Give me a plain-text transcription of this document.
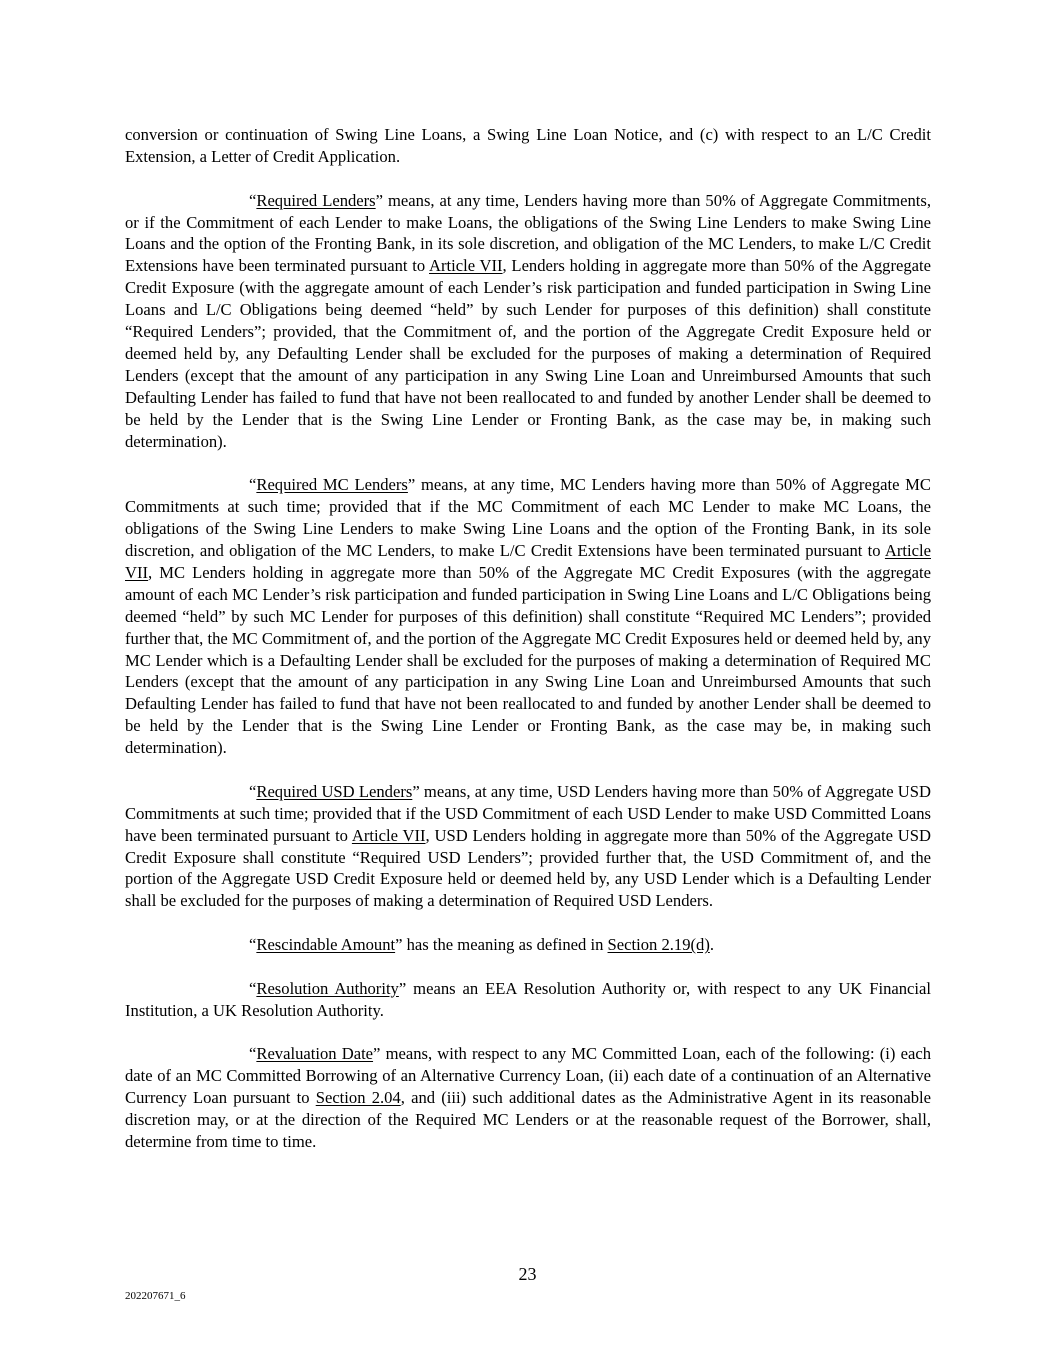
conversion or continuation of Swing Line Loans, a Swing Line Loan Notice, and (c) with respect to an L/C Credit Extension, a Letter of Credit Application.

“Required Lenders” means, at any time, Lenders having more than 50% of Aggregate Commitments, or if the Commitment of each Lender to make Loans, the obligations of the Swing Line Lenders to make Swing Line Loans and the option of the Fronting Bank, in its sole discretion, and obligation of the MC Lenders, to make L/C Credit Extensions have been terminated pursuant to Article VII, Lenders holding in aggregate more than 50% of the Aggregate Credit Exposure (with the aggregate amount of each Lender’s risk participation and funded participation in Swing Line Loans and L/C Obligations being deemed “held” by such Lender for purposes of this definition) shall constitute “Required Lenders”; provided, that the Commitment of, and the portion of the Aggregate Credit Exposure held or deemed held by, any Defaulting Lender shall be excluded for the purposes of making a determination of Required Lenders (except that the amount of any participation in any Swing Line Loan and Unreimbursed Amounts that such Defaulting Lender has failed to fund that have not been reallocated to and funded by another Lender shall be deemed to be held by the Lender that is the Swing Line Lender or Fronting Bank, as the case may be, in making such determination).

“Required MC Lenders” means, at any time, MC Lenders having more than 50% of Aggregate MC Commitments at such time; provided that if the MC Commitment of each MC Lender to make MC Loans, the obligations of the Swing Line Lenders to make Swing Line Loans and the option of the Fronting Bank, in its sole discretion, and obligation of the MC Lenders, to make L/C Credit Extensions have been terminated pursuant to Article VII, MC Lenders holding in aggregate more than 50% of the Aggregate MC Credit Exposures (with the aggregate amount of each MC Lender’s risk participation and funded participation in Swing Line Loans and L/C Obligations being deemed “held” by such MC Lender for purposes of this definition) shall constitute “Required MC Lenders”; provided further that, the MC Commitment of, and the portion of the Aggregate MC Credit Exposures held or deemed held by, any MC Lender which is a Defaulting Lender shall be excluded for the purposes of making a determination of Required MC Lenders (except that the amount of any participation in any Swing Line Loan and Unreimbursed Amounts that such Defaulting Lender has failed to fund that have not been reallocated to and funded by another Lender shall be deemed to be held by the Lender that is the Swing Line Lender or Fronting Bank, as the case may be, in making such determination).

“Required USD Lenders” means, at any time, USD Lenders having more than 50% of Aggregate USD Commitments at such time; provided that if the USD Commitment of each USD Lender to make USD Committed Loans have been terminated pursuant to Article VII, USD Lenders holding in aggregate more than 50% of the Aggregate USD Credit Exposure shall constitute “Required USD Lenders”; provided further that, the USD Commitment of, and the portion of the Aggregate USD Credit Exposure held or deemed held by, any USD Lender which is a Defaulting Lender shall be excluded for the purposes of making a determination of Required USD Lenders.

“Rescindable Amount” has the meaning as defined in Section 2.19(d).

“Resolution Authority” means an EEA Resolution Authority or, with respect to any UK Financial Institution, a UK Resolution Authority.

“Revaluation Date” means, with respect to any MC Committed Loan, each of the following: (i) each date of an MC Committed Borrowing of an Alternative Currency Loan, (ii) each date of a continuation of an Alternative Currency Loan pursuant to Section 2.04, and (iii) such additional dates as the Administrative Agent in its reasonable discretion may, or at the direction of the Required MC Lenders or at the reasonable request of the Borrower, shall, determine from time to time.

23
202207671_6
